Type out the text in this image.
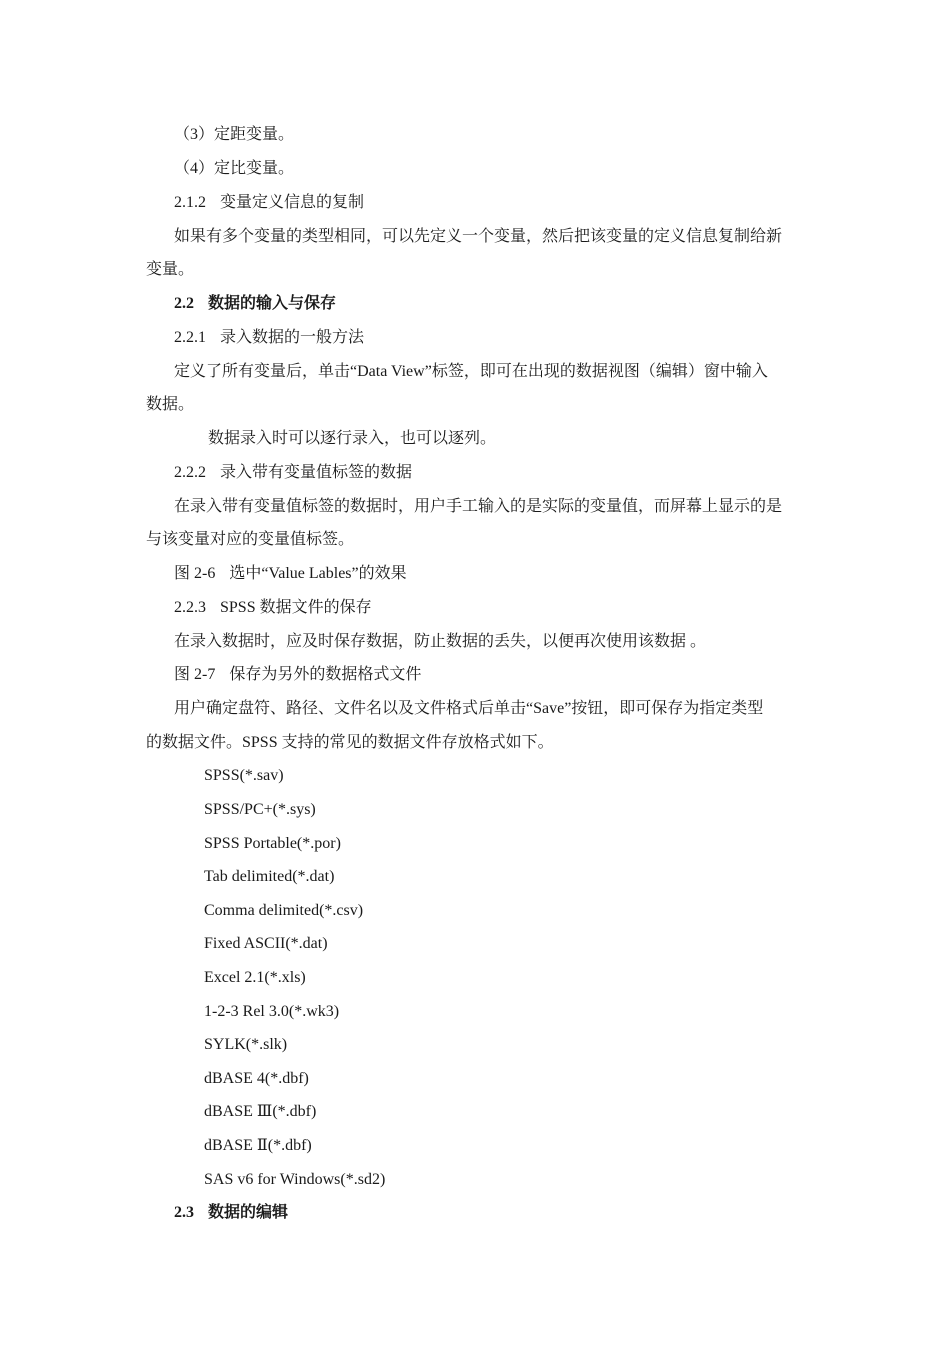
（3）定距变量。
（4）定比变量。
2.1.2 变量定义信息的复制
如果有多个变量的类型相同，可以先定义一个变量，然后把该变量的定义信息复制给新
变量。
2.2 数据的输入与保存
2.2.1 录入数据的一般方法
定义了所有变量后，单击“Data View”标签，即可在出现的数据视图（编辑）窗中输入
数据。
数据录入时可以逐行录入，也可以逐列。
2.2.2 录入带有变量值标签的数据
在录入带有变量值标签的数据时，用户手工输入的是实际的变量值，而屏幕上显示的是
与该变量对应的变量值标签。
图 2-6 选中“Value Lables”的效果
2.2.3 SPSS 数据文件的保存
在录入数据时，应及时保存数据，防止数据的丢失，以便再次使用该数据 。
图 2-7 保存为另外的数据格式文件
用户确定盘符、路径、文件名以及文件格式后单击“Save”按钮，即可保存为指定类型
的数据文件。SPSS 支持的常见的数据文件存放格式如下。
SPSS(*.sav)
SPSS/PC+(*.sys)
SPSS Portable(*.por)
Tab delimited(*.dat)
Comma delimited(*.csv)
Fixed ASCII(*.dat)
Excel 2.1(*.xls)
1-2-3 Rel 3.0(*.wk3)
SYLK(*.slk)
dBASE 4(*.dbf)
dBASE Ⅲ(*.dbf)
dBASE Ⅱ(*.dbf)
SAS v6 for Windows(*.sd2)
2.3 数据的编辑
